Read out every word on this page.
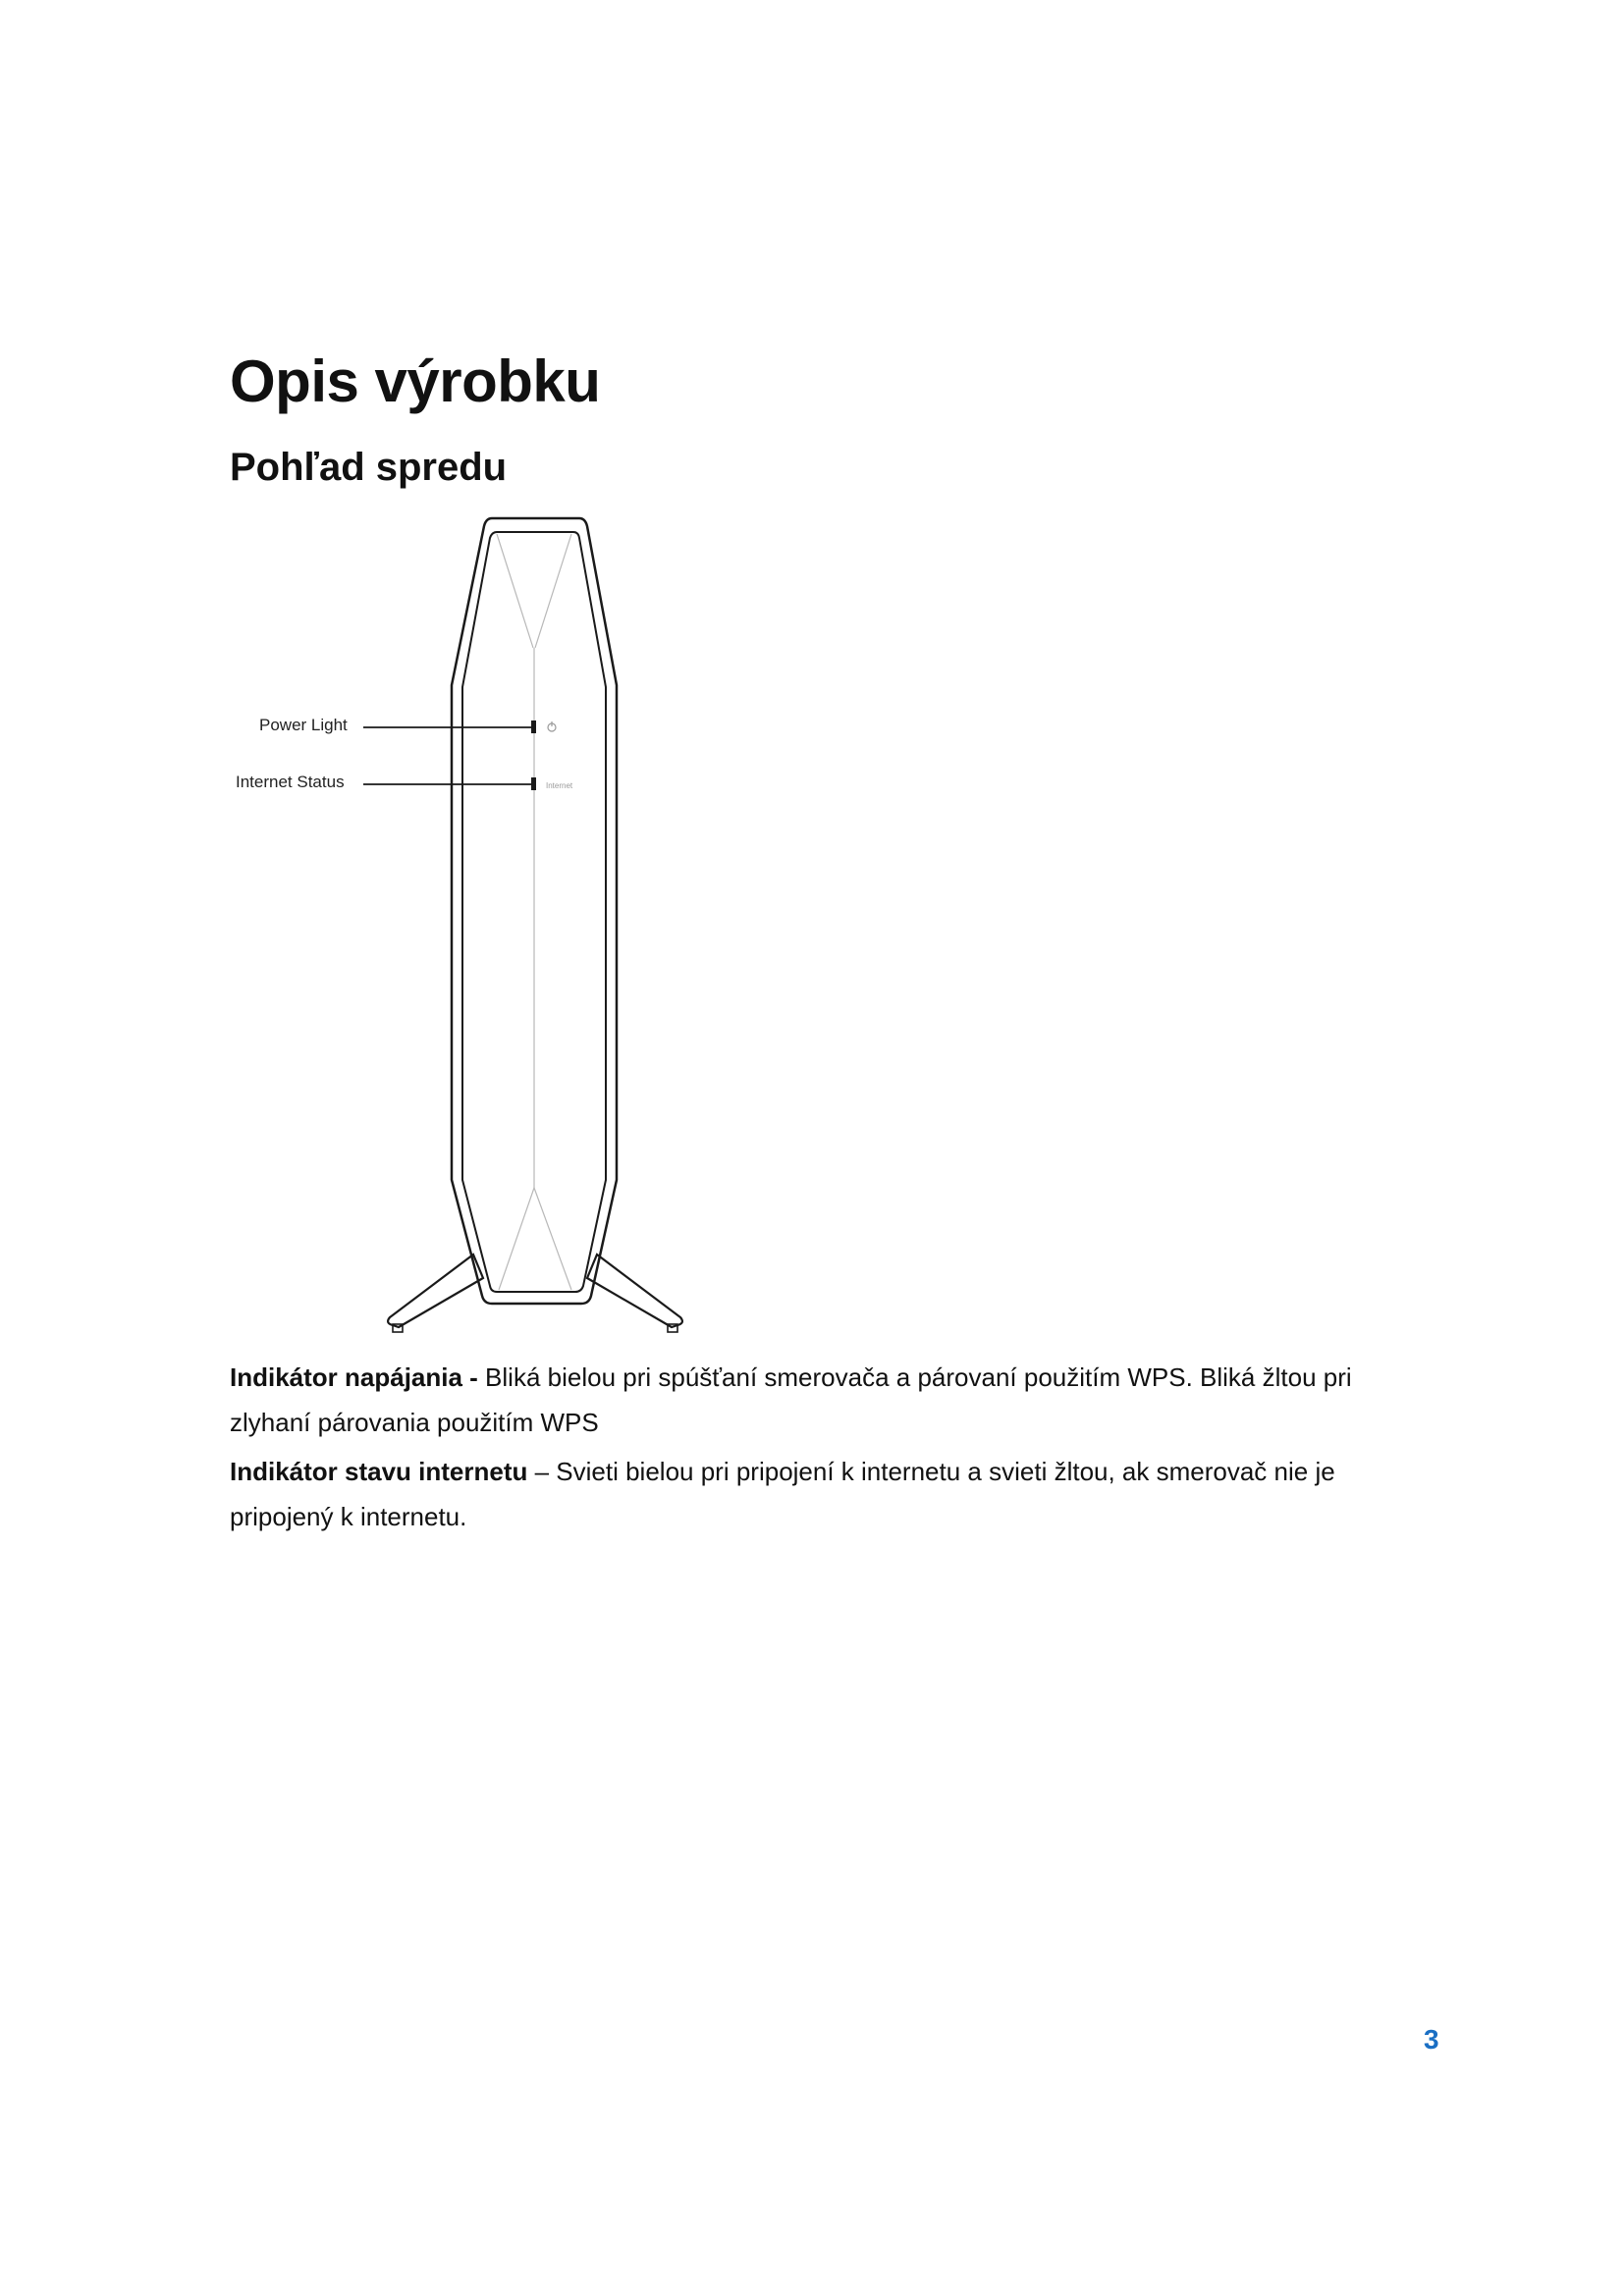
Opis výrobku
Pohľad spredu
Internet
Power Light
Internet Status

Indikátor napájania - Bliká bielou pri spúšťaní smerovača a párovaní použitím WPS. Bliká žltou pri zlyhaní párovania použitím WPS

Indikátor stavu internetu – Svieti bielou pri pripojení k internetu a svieti žltou, ak smerovač nie je pripojený k internetu.

3
